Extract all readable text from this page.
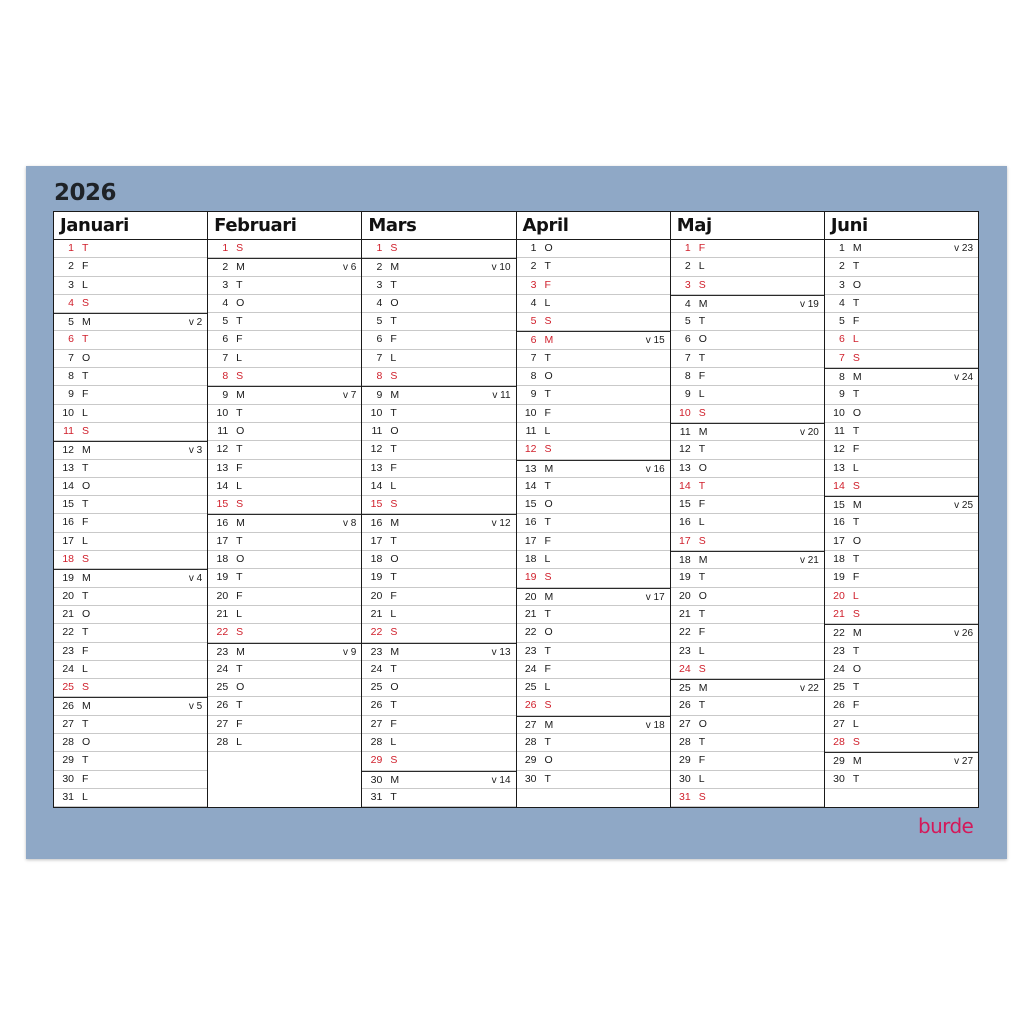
2026
Januari
1 T
2 F
3 L
4 S
5 M	v 2
6 T
7 O
8 T
9 F
10 L
11 S
12 M	v 3
13 T
14 O
15 T
16 F
17 L
18 S
19 M	v 4
20 T
21 O
22 T
23 F
24 L
25 S
26 M	v 5
27 T
28 O
29 T
30 F
31 L
Februari
1 S
2 M	v 6
3 T
4 O
5 T
6 F
7 L
8 S
9 M	v 7
10 T
11 O
12 T
13 F
14 L
15 S
16 M	v 8
17 T
18 O
19 T
20 F
21 L
22 S
23 M	v 9
24 T
25 O
26 T
27 F
28 L
Mars
1 S
2 M	v 10
3 T
4 O
5 T
6 F
7 L
8 S
9 M	v 11
10 T
11 O
12 T
13 F
14 L
15 S
16 M	v 12
17 T
18 O
19 T
20 F
21 L
22 S
23 M	v 13
24 T
25 O
26 T
27 F
28 L
29 S
30 M	v 14
31 T
April
1 O
2 T
3 F
4 L
5 S
6 M	v 15
7 T
8 O
9 T
10 F
11 L
12 S
13 M	v 16
14 T
15 O
16 T
17 F
18 L
19 S
20 M	v 17
21 T
22 O
23 T
24 F
25 L
26 S
27 M	v 18
28 T
29 O
30 T
Maj
1 F
2 L
3 S
4 M	v 19
5 T
6 O
7 T
8 F
9 L
10 S
11 M	v 20
12 T
13 O
14 T
15 F
16 L
17 S
18 M	v 21
19 T
20 O
21 T
22 F
23 L
24 S
25 M	v 22
26 T
27 O
28 T
29 F
30 L
31 S
Juni
1 M	v 23
2 T
3 O
4 T
5 F
6 L
7 S
8 M	v 24
9 T
10 O
11 T
12 F
13 L
14 S
15 M	v 25
16 T
17 O
18 T
19 F
20 L
21 S
22 M	v 26
23 T
24 O
25 T
26 F
27 L
28 S
29 M	v 27
30 T

burde
